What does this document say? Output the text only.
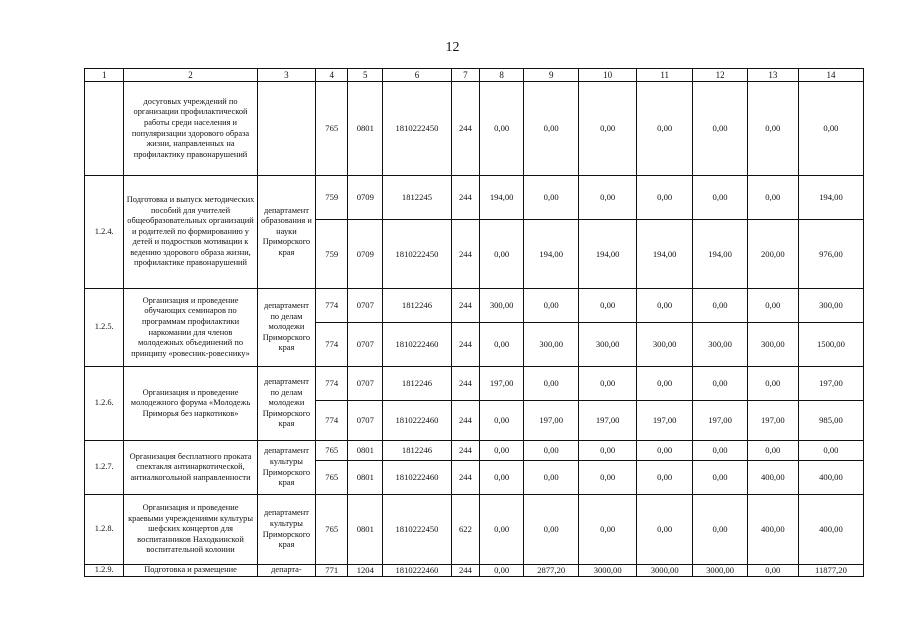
12
1	2	3	4	5	6	7	8	9	10	11	12	13	14
	досуговых учреждений по организации профилактической работы среди населения и популяризации здорового образа жизни, направленных на профилактику правонарушений		765	0801	1810222450	244	0,00	0,00	0,00	0,00	0,00	0,00	0,00
1.2.4.	Подготовка и выпуск методических пособий для учителей общеобразовательных организаций и родителей по формированию у детей и подростков мотивации к ведению здорового образа жизни, профилактике правонарушений	департамент образования и науки Приморского края	759	0709	1812245	244	194,00	0,00	0,00	0,00	0,00	0,00	194,00
			759	0709	1810222450	244	0,00	194,00	194,00	194,00	194,00	200,00	976,00
1.2.5.	Организация и проведение обучающих семинаров по программам профилактики наркомании для членов молодежных объединений по принципу «ровесник-ровеснику»	департамент по делам молодежи Приморского края	774	0707	1812246	244	300,00	0,00	0,00	0,00	0,00	0,00	300,00
			774	0707	1810222460	244	0,00	300,00	300,00	300,00	300,00	300,00	1500,00
1.2.6.	Организация и проведение молодежного форума «Молодежь Приморья без наркотиков»	департамент по делам молодежи Приморского края	774	0707	1812246	244	197,00	0,00	0,00	0,00	0,00	0,00	197,00
			774	0707	1810222460	244	0,00	197,00	197,00	197,00	197,00	197,00	985,00
1.2.7.	Организация бесплатного проката спектакля антинаркотической, антиалкогольной направленности	департамент культуры Приморского края	765	0801	1812246	244	0,00	0,00	0,00	0,00	0,00	0,00	0,00
			765	0801	1810222460	244	0,00	0,00	0,00	0,00	0,00	400,00	400,00
1.2.8.	Организация и проведение краевыми учреждениями культуры шефских концертов для воспитанников Находкинской воспитательной колонии	департамент культуры Приморского края	765	0801	1810222450	622	0,00	0,00	0,00	0,00	0,00	400,00	400,00
1.2.9.	Подготовка и размещение	департа-	771	1204	1810222460	244	0,00	2877,20	3000,00	3000,00	3000,00	0,00	11877,20
